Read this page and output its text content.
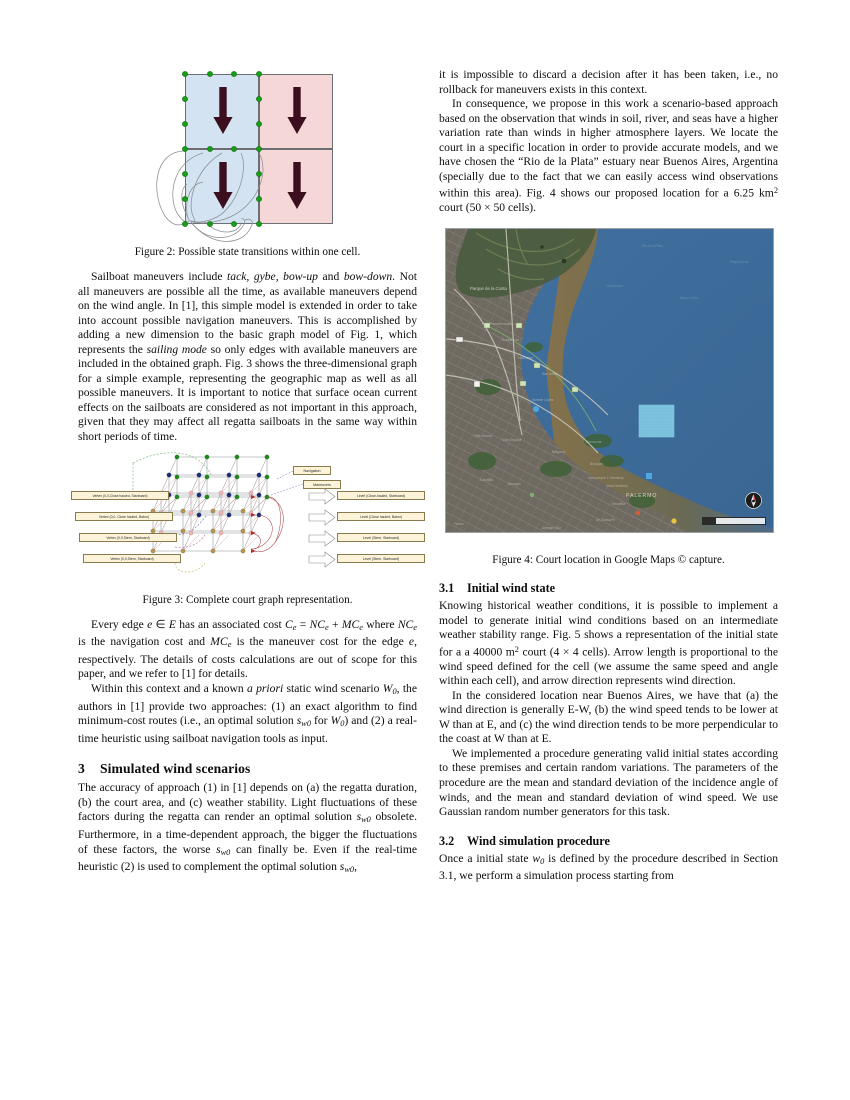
Figure 2: Possible state transitions within one cell.

Sailboat maneuvers include tack, gybe, bow-up and bow-down. Not all maneuvers are possible all the time, as available maneuvers depend on the wind angle. In [1], this simple model is extended in order to take into account possible navigation maneuvers. This is accomplished by adding a new dimension to the basic graph model of Fig. 1, which represents the sailing mode so only edges with available maneuvers are included in the obtained graph. Fig. 3 shows the three-dimensional graph for a simple example, representing the geographic map as well as all possible maneuvers. It is important to notice that surface ocean current effects on the sailboats are considered as not important in this approach, given that they may affect all regatta sailboats in the same way within short periods of time.

Vertex (0,0,Close hauled, Starboard)
Vertex (0,0, Close hauled, Babor)
Vertex (0,0,Stern, Starboard)
Vertex (0,0,Stern, Starboard)
Level (Close-hauled, Starboard)
Level (Close hauled, Babor)
Level (Stern, Starboard)
Level (Stern, Starboard)
Navigation
Maneuvers
Figure 3: Complete court graph representation.

Every edge e ∈ E has an associated cost $C_e = NC_e + MC_e$ where $NC_e$ is the navigation cost and $MC_e$ is the maneuver cost for the edge e, respectively. The details of costs calculations are out of scope for this paper, and we refer to [1] for details.

Within this context and a known a priori static wind scenario $W_0$, the authors in [1] provide two approaches: (1) an exact algorithm to find minimum-cost routes (i.e., an optimal solution $s_{w0}$ for $W_0$) and (2) a real-time heuristic using sailboat navigation tools as input.

3 Simulated wind scenarios

The accuracy of approach (1) in [1] depends on (a) the regatta duration, (b) the court area, and (c) weather stability. Light fluctuations of these factors during the regatta can render an optimal solution $s_{w0}$ obsolete. Furthermore, in a time-dependent approach, the bigger the fluctuations of these factors, the worse $s_{w0}$ can finally be. Even if the real-time heuristic (2) is used to complement the optimal solution $s_{w0}$,

it is impossible to discard a decision after it has been taken, i.e., no rollback for maneuvers exists in this context.

In consequence, we propose in this work a scenario-based approach based on the observation that winds in soil, river, and seas have a higher variation rate than winds in higher atmosphere layers. We locate the court in a specific location in order to provide accurate models, and we have chosen the “Rio de la Plata” estuary near Buenos Aires, Argentina (specially due to the fact that we can easily access wind observations within this area). Fig. 4 shows our proposed location for a 6.25 $km^2$ court (50 × 50 cells).

Parque de la Costa
PALERMO
Ruta Panamericana
Avellaneda
Libertador
San Isidro
Vicente López
Villa Devoto
Villa Urquiza
Belgrano
Barrancas
Bosques
Caballito
Almagro
Aeroparque J. Newbery
Vista Newbery
Recoleta
Av. Santa Fe
Flores
Almagro Sur
Rio de la Plata
Canal Norte
Banco Chico
Playa Honda
Figure 4: Court location in Google Maps © capture.
3.1 Initial wind state

Knowing historical weather conditions, it is possible to implement a model to generate initial wind conditions based on an intermediate weather stability range. Fig. 5 shows a representation of the initial state for a a 40000 $m^2$ court (4 × 4 cells). Arrow length is proportional to the wind speed defined for the cell (we assume the same speed and angle within each cell), and arrow direction represents wind direction.

In the considered location near Buenos Aires, we have that (a) the wind direction is generally E-W, (b) the wind speed tends to be lower at W than at E, and (c) the wind direction tends to be more perpendicular to the coast at W than at E.

We implemented a procedure generating valid initial states according to these premises and certain random variations. The parameters of the procedure are the mean and standard deviation of the incidence angle of winds, and the mean and standard deviation of wind speed. We use Gaussian random number generators for this task.

3.2 Wind simulation procedure

Once a initial state $w_0$ is defined by the procedure described in Section 3.1, we perform a simulation process starting from
